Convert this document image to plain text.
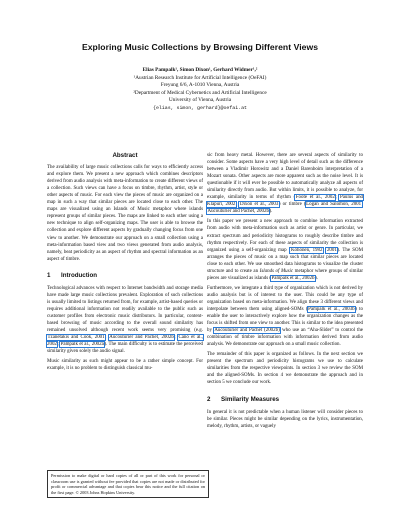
Exploring Music Collections by Browsing Different Views
Elias Pampalk¹, Simon Dixon¹, Gerhard Widmer¹,²
¹Austrian Research Institute for Artificial Intelligence (OeFAI)
Freyung 6/6, A-1010 Vienna, Austria
²Department of Medical Cybernetics and Artificial Intelligence
University of Vienna, Austria
{elias, simon, gerhard}@oefai.at
Abstract

The availability of large music collections calls for ways to efficiently access and explore them. We present a new approach which combines descriptors derived from audio analysis with meta-information to create different views of a collection. Such views can have a focus on timbre, rhythm, artist, style or other aspects of music. For each view the pieces of music are organized on a map in such a way that similar pieces are located close to each other. The maps are visualized using an Islands of Music metaphor where islands represent groups of similar pieces. The maps are linked to each other using a new technique to align self-organizing maps. The user is able to browse the collection and explore different aspects by gradually changing focus from one view to another. We demonstrate our approach on a small collection using a meta-information based view and two views generated from audio analysis, namely, beat periodicity as an aspect of rhythm and spectral information as an aspect of timbre.

1 Introduction

Technological advances with respect to Internet bandwidth and storage media have made large music collections prevalent. Exploration of such collections is usually limited to listings returned from, for example, artist-based queries or requires additional information not readily available to the public such as customer profiles from electronic music distributors. In particular, content-based browsing of music according to the overall sound similarity has remained unsolved although recent work seems very promising (e.g. Tzanetakis and Cook, 2001; Aucouturier and Pachet, 2002b; Cano et al., 2002; Pampalk et al., 2002a). The main difficulty is to estimate the perceived similarity given solely the audio signal.

Music similarity as such might appear to be a rather simple concept. For example, it is no problem to distinguish classical mu-

sic from heavy metal. However, there are several aspects of similarity to consider. Some aspects have a very high level of detail such as the difference between a Vladimir Horowitz and a Daniel Barenboim interpretation of a Mozart sonata. Other aspects are more apparent such as the noise level. It is questionable if it will ever be possible to automatically analyze all aspects of similarity directly from audio. But within limits, it is possible to analyze, for example, similarity in terms of rhythm (Foote et al., 2002; Paulus and Klapuri, 2002; Dixon et al., 2003) or timbre (Logan and Salomon, 2001; Aucouturier and Pachet, 2002b).

In this paper we present a new approach to combine information extracted from audio with meta-information such as artist or genre. In particular, we extract spectrum and periodicity histograms to roughly describe timbre and rhythm respectively. For each of these aspects of similarity the collection is organized using a self-organizing map (Kohonen, 1982, 2001). The SOM arranges the pieces of music on a map such that similar pieces are located close to each other. We use smoothed data histograms to visualize the cluster structure and to create an Islands of Music metaphor where groups of similar pieces are visualized as islands (Pampalk et al., 2002b).

Furthermore, we integrate a third type of organization which is not derived by audio analysis but is of interest to the user. This could be any type of organization based on meta-information. We align these 3 different views and interpolate between them using aligned-SOMs (Pampalk et al., 2003b) to enable the user to interactively explore how the organization changes as the focus is shifted from one view to another. This is similar to the idea presented by Aucouturier and Pachet (2002b) who use an “Aha-Slider” to control the combination of timbre information with information derived from audio analysis. We demonstrate our approach on a small music collection.

The remainder of this paper is organized as follows. In the next section we present the spectrum and periodicity histograms we use to calculate similarities from the respective viewpoints. In section 3 we review the SOM and the aligned-SOMs. In section 4 we demonstrate the approach and in section 5 we conclude our work.

2 Similarity Measures

In general it is not predictable when a human listener will consider pieces to be similar. Pieces might be similar depending on the lyrics, instrumentation, melody, rhythm, artists, or vaguely

Permission to make digital or hard copies of all or part of this work for personal or classroom use is granted without fee provided that copies are not made or distributed for profit or commercial advantage and that copies bear this notice and the full citation on the first page. © 2003 Johns Hopkins University.
